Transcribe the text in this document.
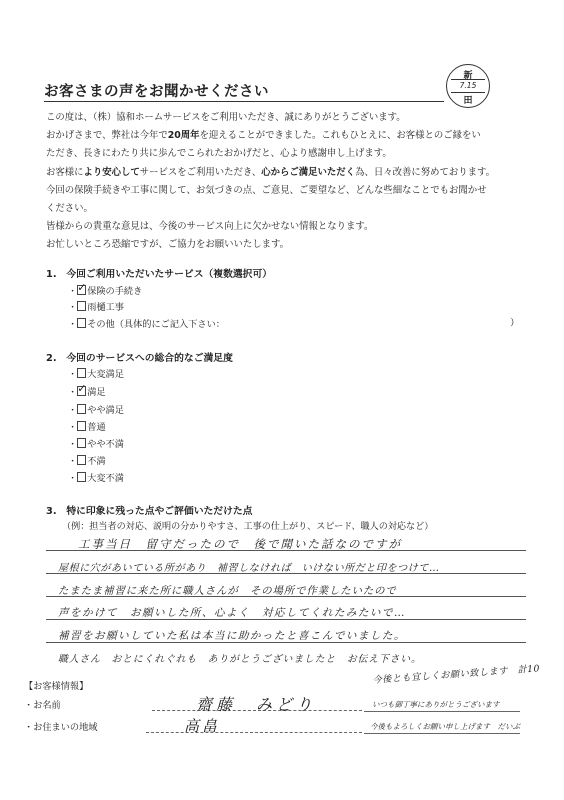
お客さまの声をお聞かせください
新
7.15
田

この度は、（株）協和ホームサービスをご利用いただき、誠にありがとうございます。

おかげさまで、弊社は今年で20周年を迎えることができました。これもひとえに、お客様とのご縁をい

ただき、長きにわたり共に歩んでこられたおかげだと、心より感謝申し上げます。

お客様により安心してサービスをご利用いただき、心からご満足いただく為、日々改善に努めております。

今回の保険手続きや工事に関して、お気づきの点、ご意見、ご要望など、どんな些細なことでもお聞かせ

ください。

皆様からの貴重な意見は、今後のサービス向上に欠かせない情報となります。

お忙しいところ恐縮ですが、ご協力をお願いいたします。

1.　今回ご利用いただいたサービス（複数選択可）
・ ✓ 保険の手続き
・ 雨樋工事
・ その他（具体的にご記入下さい：	）
2.　今回のサービスへの総合的なご満足度
・ 大変満足
・ ✓ 満足
・ やや満足
・ 普通
・ やや不満
・ 不満
・ 大変不満
3.　特に印象に残った点やご評価いただけた点
（例：担当者の対応、説明の分かりやすさ、工事の仕上がり、スピード、職人の対応など）
工事当日　留守だったので　後で聞いた話なのですが
屋根に穴があいている所があり　補習しなければ　いけない所だと印をつけて…
たまたま補習に来た所に職人さんが　その場所で作業したいたので
声をかけて　お願いした所、心よく　対応してくれたみたいで…
補習をお願いしていた私は本当に助かったと喜こんでいました。
職人さん　おとにくれぐれも　ありがとうございましたと　お伝え下さい。
今後とも宜しくお願い致します　計10
【お客様情報】
・お名前
・お住まいの地域
齋藤　みどり
高畠
いつも御丁寧にありがとうございます
今後もよろしくお願い申し上げます　だいぶ
